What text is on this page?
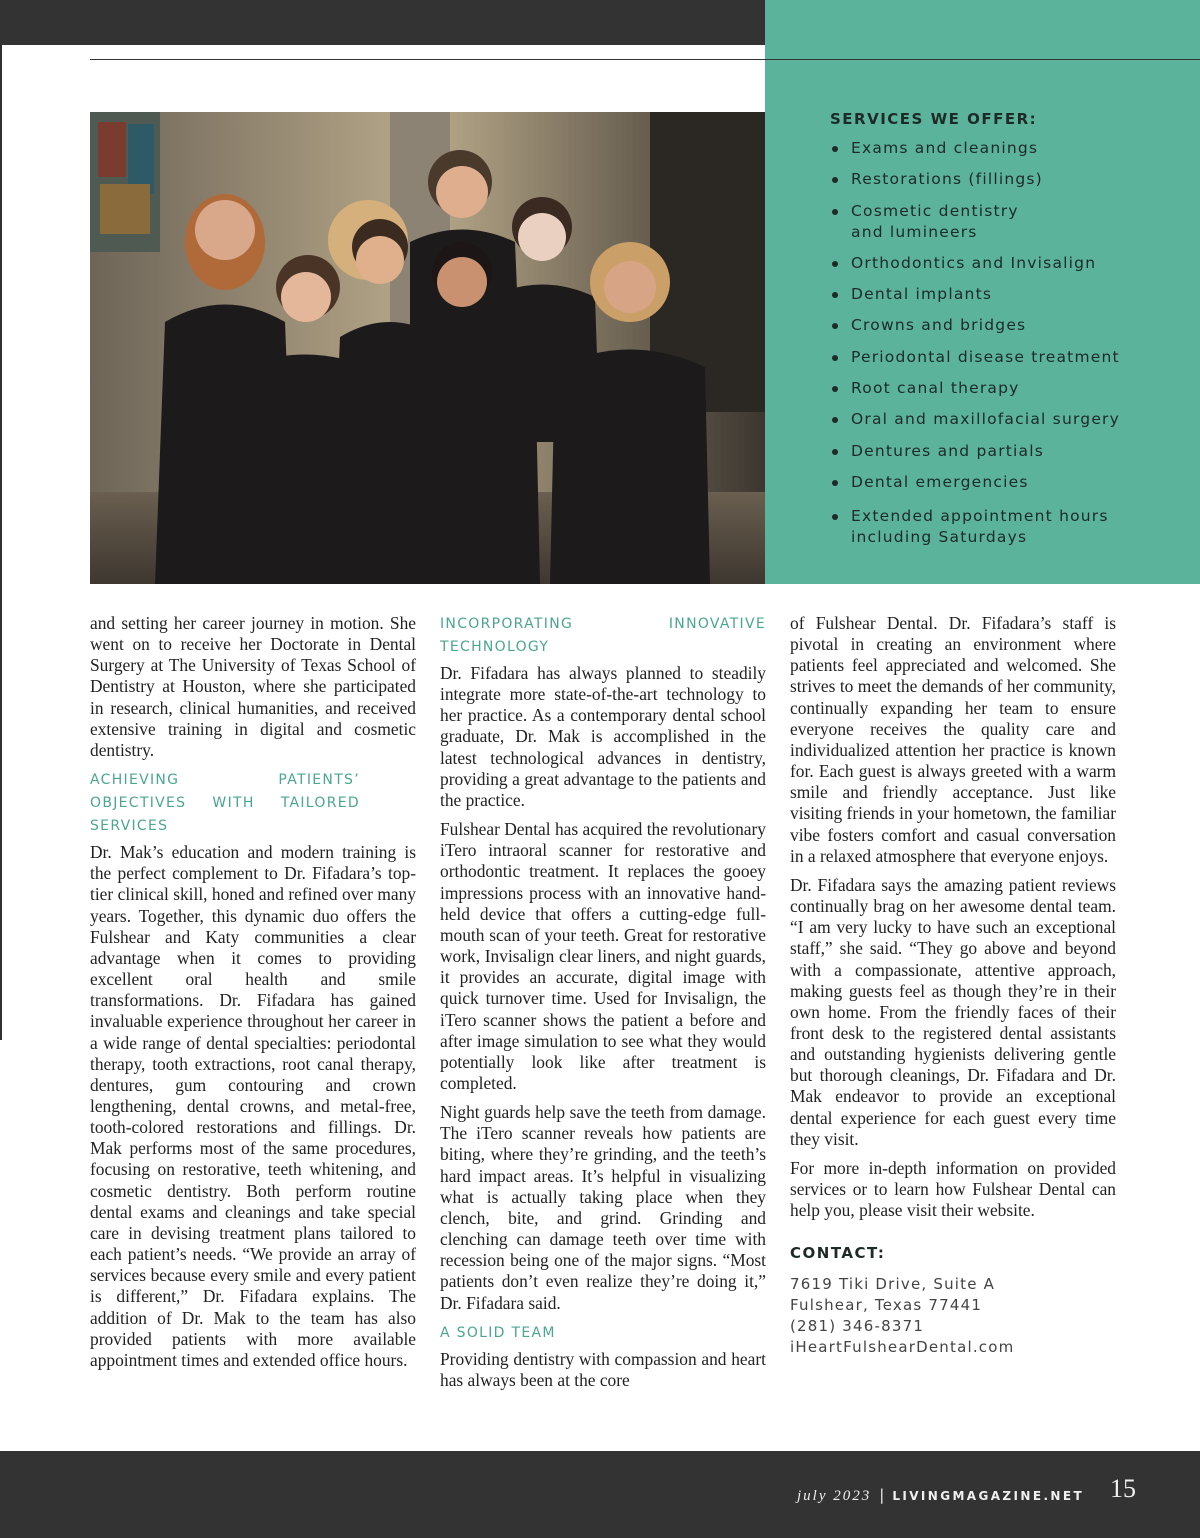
SERVICES WE OFFER:
Exams and cleanings
Restorations (fillings)
Cosmetic dentistry and lumineers
Orthodontics and Invisalign
Dental implants
Crowns and bridges
Periodontal disease treatment
Root canal therapy
Oral and maxillofacial surgery
Dentures and partials
Dental emergencies
Extended appointment hours including Saturdays

and setting her career journey in motion. She went on to receive her Doctorate in Dental Surgery at The University of Texas School of Dentistry at Houston, where she participated in research, clinical humanities, and received extensive training in digital and cosmetic dentistry.

ACHIEVING PATIENTS’ OBJECTIVES WITH TAILORED SERVICES

Dr. Mak’s education and modern training is the perfect complement to Dr. Fifadara’s top-tier clinical skill, honed and refined over many years. Together, this dynamic duo offers the Fulshear and Katy communities a clear advantage when it comes to providing excellent oral health and smile transformations. Dr. Fifadara has gained invaluable experience throughout her career in a wide range of dental specialties: periodontal therapy, tooth extractions, root canal therapy, dentures, gum contouring and crown lengthening, dental crowns, and metal-free, tooth-colored restorations and fillings. Dr. Mak performs most of the same procedures, focusing on restorative, teeth whitening, and cosmetic dentistry. Both perform routine dental exams and cleanings and take special care in devising treatment plans tailored to each patient’s needs. “We provide an array of services because every smile and every patient is different,” Dr. Fifadara explains. The addition of Dr. Mak to the team has also provided patients with more available appointment times and extended office hours.

INCORPORATING INNOVATIVE TECHNOLOGY

Dr. Fifadara has always planned to steadily integrate more state-of-the-art technology to her practice. As a contemporary dental school graduate, Dr. Mak is accomplished in the latest technological advances in dentistry, providing a great advantage to the patients and the practice.

Fulshear Dental has acquired the revolutionary iTero intraoral scanner for restorative and orthodontic treatment. It replaces the gooey impressions process with an innovative hand-held device that offers a cutting-edge full-mouth scan of your teeth. Great for restorative work, Invisalign clear liners, and night guards, it provides an accurate, digital image with quick turnover time. Used for Invisalign, the iTero scanner shows the patient a before and after image simulation to see what they would potentially look like after treatment is completed.

Night guards help save the teeth from damage. The iTero scanner reveals how patients are biting, where they’re grinding, and the teeth’s hard impact areas. It’s helpful in visualizing what is actually taking place when they clench, bite, and grind. Grinding and clenching can damage teeth over time with recession being one of the major signs. “Most patients don’t even realize they’re doing it,” Dr. Fifadara said.

A SOLID TEAM

Providing dentistry with compassion and heart has always been at the core

of Fulshear Dental. Dr. Fifadara’s staff is pivotal in creating an environment where patients feel appreciated and welcomed. She strives to meet the demands of her community, continually expanding her team to ensure everyone receives the quality care and individualized attention her practice is known for. Each guest is always greeted with a warm smile and friendly acceptance. Just like visiting friends in your hometown, the familiar vibe fosters comfort and casual conversation in a relaxed atmosphere that everyone enjoys.

Dr. Fifadara says the amazing patient reviews continually brag on her awesome dental team. “I am very lucky to have such an exceptional staff,” she said. “They go above and beyond with a compassionate, attentive approach, making guests feel as though they’re in their own home. From the friendly faces of their front desk to the registered dental assistants and outstanding hygienists delivering gentle but thorough cleanings, Dr. Fifadara and Dr. Mak endeavor to provide an exceptional dental experience for each guest every time they visit.

For more in-depth information on provided services or to learn how Fulshear Dental can help you, please visit their website.

CONTACT:
7619 Tiki Drive, Suite A
Fulshear, Texas 77441
(281) 346-8371
iHeartFulshearDental.com
july 2023 | LIVINGMAGAZINE.NET 15
